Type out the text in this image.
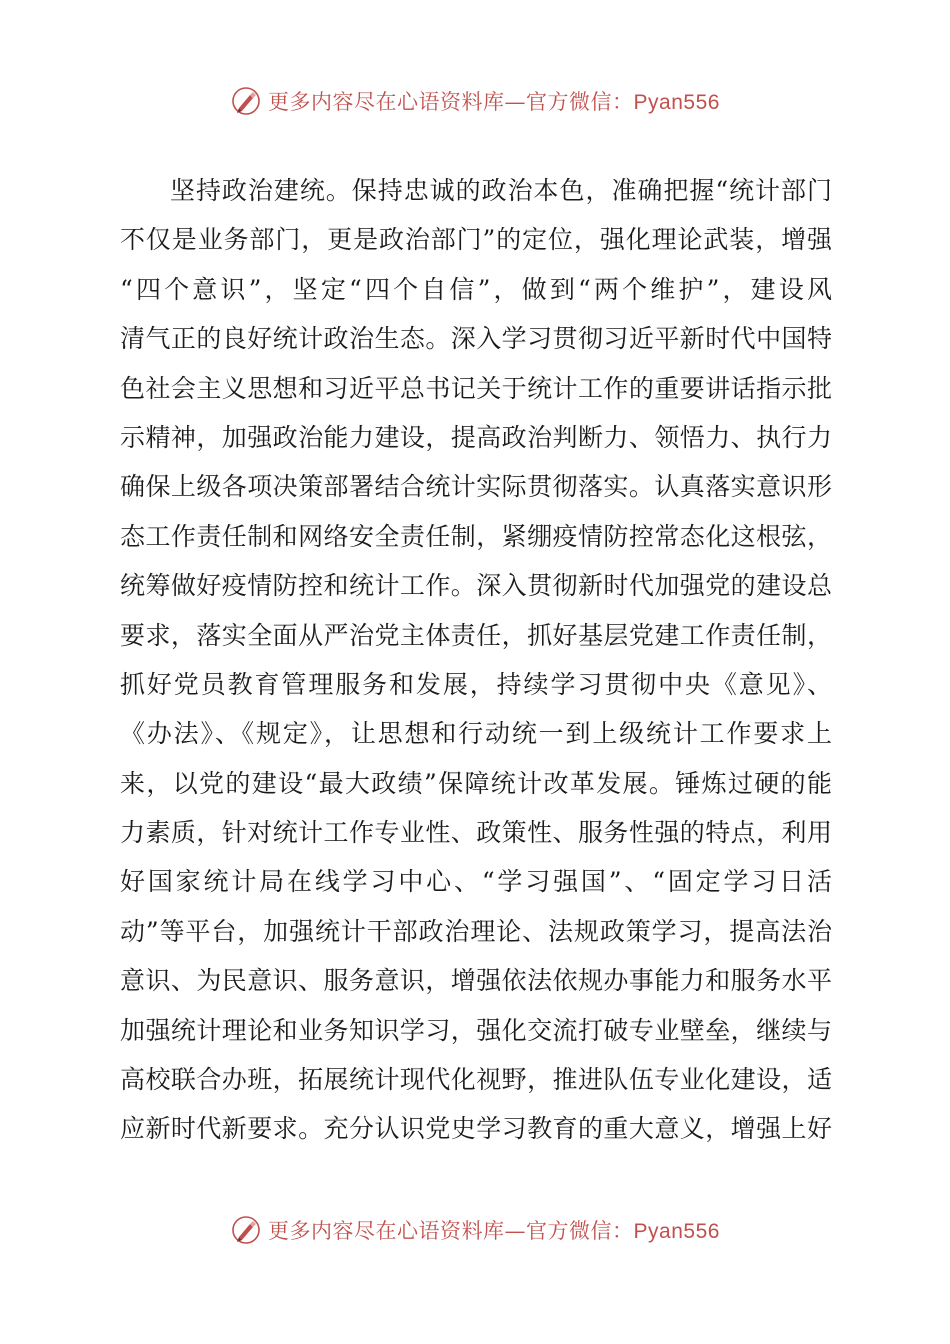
更多内容尽在心语资料库—官方微信：Pyan556
坚持政治建统。保持忠诚的政治本色，准确把握“统计部门
不仅是业务部门，更是政治部门”的定位，强化理论武装，增强
“四个意识”，坚定“四个自信”，做到“两个维护”，建设风
清气正的良好统计政治生态。深入学习贯彻习近平新时代中国特
色社会主义思想和习近平总书记关于统计工作的重要讲话指示批
示精神，加强政治能力建设，提高政治判断力、领悟力、执行力
确保上级各项决策部署结合统计实际贯彻落实。认真落实意识形
态工作责任制和网络安全责任制，紧绷疫情防控常态化这根弦，
统筹做好疫情防控和统计工作。深入贯彻新时代加强党的建设总
要求，落实全面从严治党主体责任，抓好基层党建工作责任制，
抓好党员教育管理服务和发展，持续学习贯彻中央《意见》、
《办法》、《规定》，让思想和行动统一到上级统计工作要求上
来，以党的建设“最大政绩”保障统计改革发展。锤炼过硬的能
力素质，针对统计工作专业性、政策性、服务性强的特点，利用
好国家统计局在线学习中心、“学习强国”、“固定学习日活
动”等平台，加强统计干部政治理论、法规政策学习，提高法治
意识、为民意识、服务意识，增强依法依规办事能力和服务水平
加强统计理论和业务知识学习，强化交流打破专业壁垒，继续与
高校联合办班，拓展统计现代化视野，推进队伍专业化建设，适
应新时代新要求。充分认识党史学习教育的重大意义，增强上好
更多内容尽在心语资料库—官方微信：Pyan556
